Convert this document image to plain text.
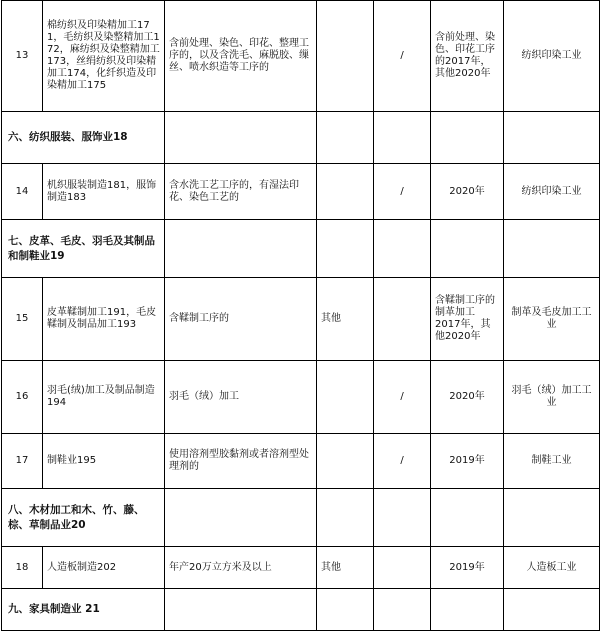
13	棉纺织及印染精加工171，毛纺织及染整精加工172，麻纺织及染整精加工173，丝绢纺织及印染精加工174，化纤织造及印染精加工175	含前处理、染色、印花、整理工序的，以及含洗毛、麻脱胶、缫丝、喷水织造等工序的		/	含前处理、染色、印花工序的2017年，其他2020年	纺织印染工业
六、纺织服装、服饰业18						
14	机织服装制造181，服饰制造183	含水洗工艺工序的，有湿法印花、染色工艺的		/	2020年	纺织印染工业
七、皮革、毛皮、羽毛及其制品和制鞋业19						
15	皮革鞣制加工191，毛皮鞣制及制品加工193	含鞣制工序的	其他		含鞣制工序的制革加工2017年，其他2020年	制革及毛皮加工工业
16	羽毛(绒)加工及制品制造194	羽毛（绒）加工		/	2020年	羽毛（绒）加工工业
17	制鞋业195	使用溶剂型胶黏剂或者溶剂型处理剂的		/	2019年	制鞋工业
八、木材加工和木、竹、藤、棕、草制品业20						
18	人造板制造202	年产20万立方米及以上	其他		2019年	人造板工业
九、家具制造业 21						
